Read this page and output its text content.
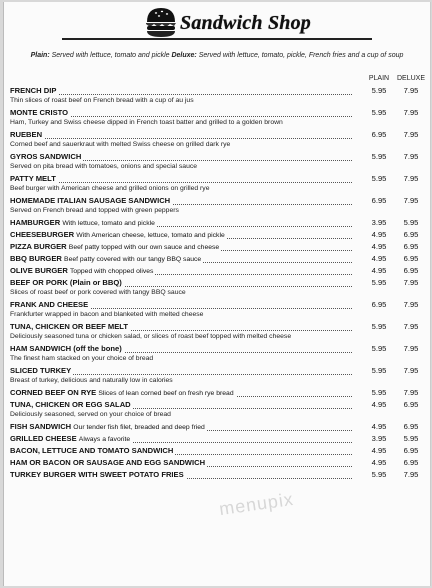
Sandwich Shop
Plain: Served with lettuce, tomato and pickle Deluxe: Served with lettuce, tomato, pickle, French fries and a cup of soup
PLAIN	DELUXE
FRENCH DIP	5.95	7.95
Thin slices of roast beef on French bread with a cup of au jus
MONTE CRISTO	5.95	7.95
Ham, Turkey and Swiss cheese dipped in French toast batter and grilled to a golden brown
RUEBEN	6.95	7.95
Corned beef and sauerkraut with melted Swiss cheese on grilled dark rye
GYROS SANDWICH	5.95	7.95
Served on pita bread with tomatoes, onions and special sauce
PATTY MELT	5.95	7.95
Beef burger with American cheese and grilled onions on grilled rye
HOMEMADE ITALIAN SAUSAGE SANDWICH	6.95	7.95
Served on French bread and topped with green peppers
HAMBURGER With lettuce, tomato and pickle	3.95	5.95
CHEESEBURGER With American cheese, lettuce, tomato and pickle	4.95	6.95
PIZZA BURGER Beef patty topped with our own sauce and cheese	4.95	6.95
BBQ BURGER Beef patty covered with our tangy BBQ sauce	4.95	6.95
OLIVE BURGER Topped with chopped olives	4.95	6.95
BEEF OR PORK (Plain or BBQ)	5.95	7.95
Slices of roast beef or pork covered with tangy BBQ sauce
FRANK AND CHEESE	6.95	7.95
Frankfurter wrapped in bacon and blanketed with melted cheese
TUNA, CHICKEN OR BEEF MELT	5.95	7.95
Deliciously seasoned tuna or chicken salad, or slices of roast beef topped with melted cheese
HAM SANDWICH (off the bone)	5.95	7.95
The finest ham stacked on your choice of bread
SLICED TURKEY	5.95	7.95
Breast of turkey, delicious and naturally low in calories
CORNED BEEF ON RYE Slices of lean corned beef on fresh rye bread	5.95	7.95
TUNA, CHICKEN OR EGG SALAD	4.95	6.95
Deliciously seasoned, served on your choice of bread
FISH SANDWICH Our tender fish filet, breaded and deep fried	4.95	6.95
GRILLED CHEESE Always a favorite	3.95	5.95
BACON, LETTUCE AND TOMATO SANDWICH	4.95	6.95
HAM OR BACON OR SAUSAGE AND EGG SANDWICH	4.95	6.95
TURKEY BURGER WITH SWEET POTATO FRIES	5.95	7.95
menupix
